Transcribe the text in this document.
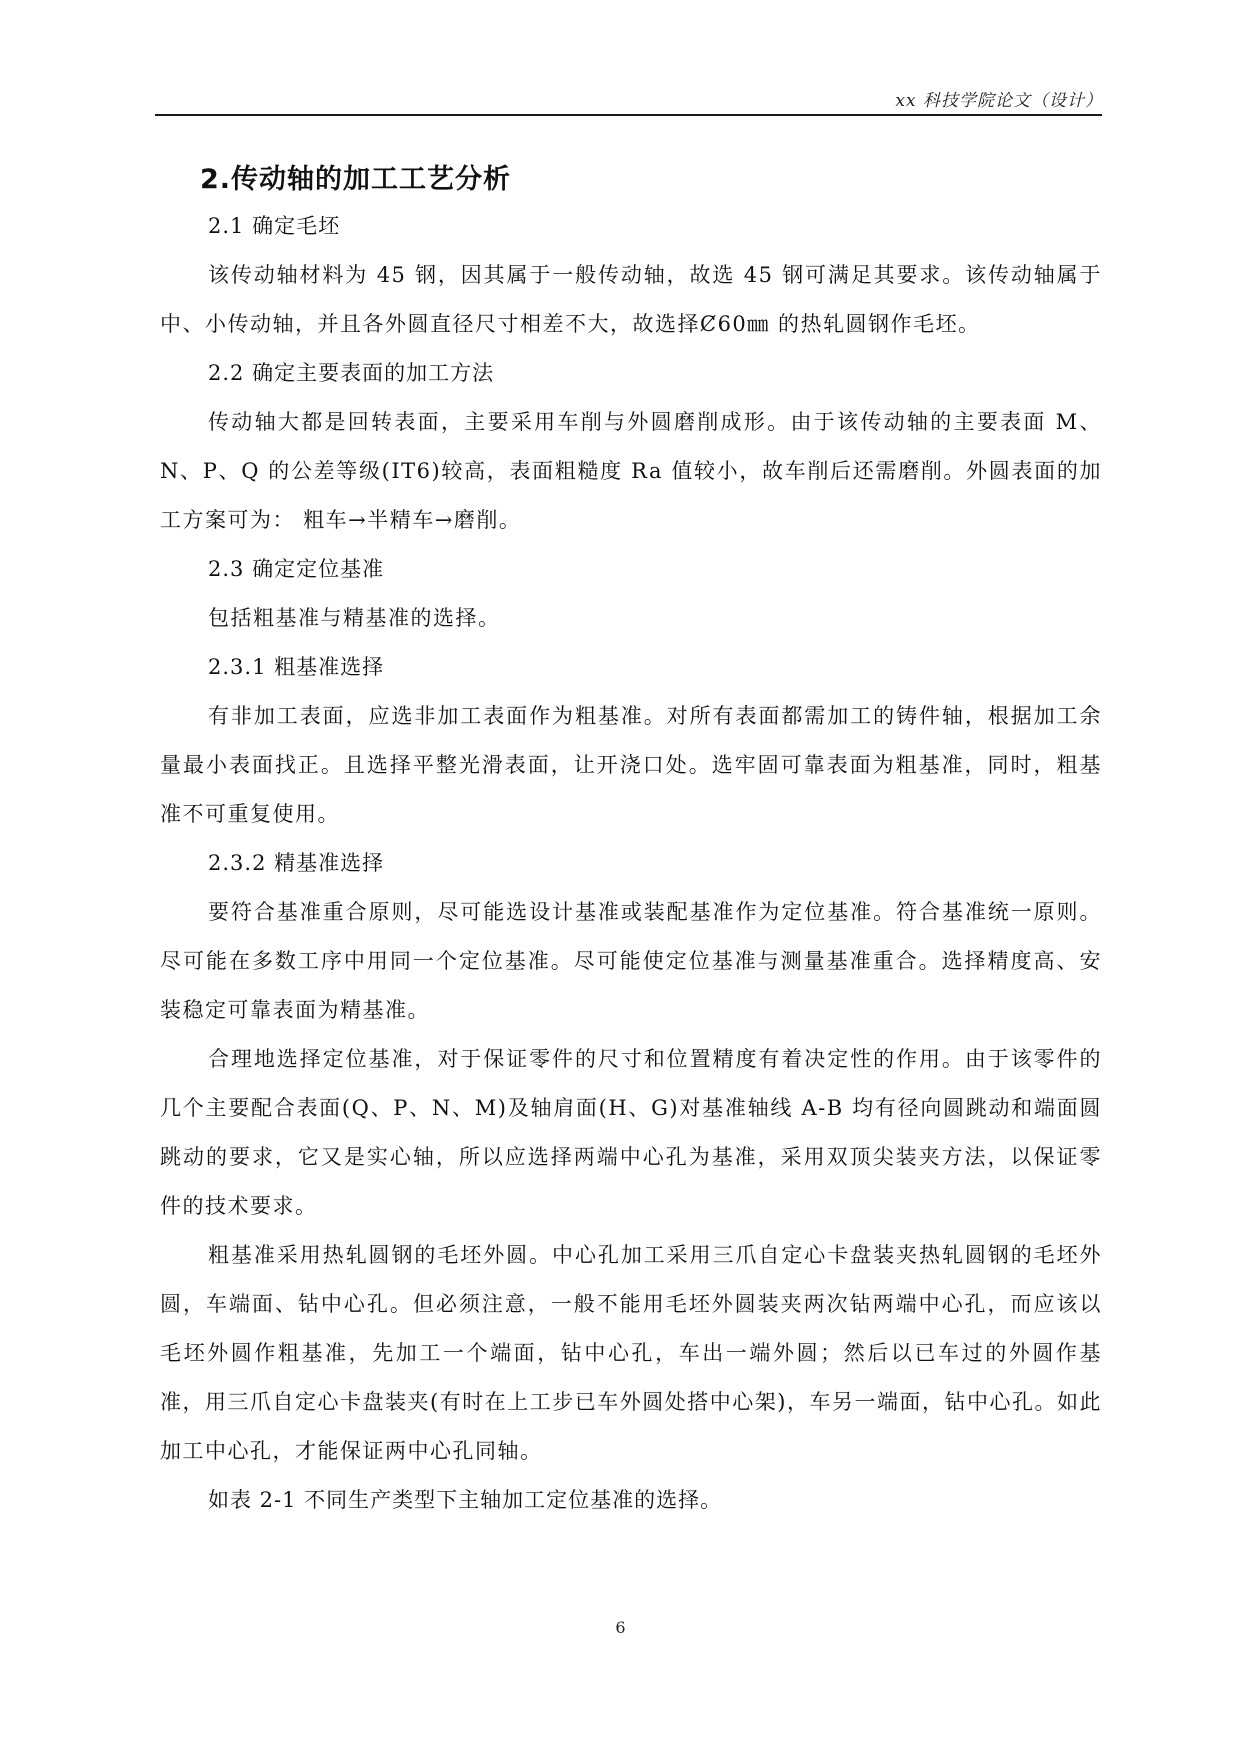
xx 科技学院论文（设计）
2.传动轴的加工工艺分析

2.1 确定毛坯

该传动轴材料为 45 钢，因其属于一般传动轴，故选 45 钢可满足其要求。该传动轴属于中、小传动轴，并且各外圆直径尺寸相差不大，故选择Ȼ60㎜ 的热轧圆钢作毛坯。

2.2 确定主要表面的加工方法

传动轴大都是回转表面，主要采用车削与外圆磨削成形。由于该传动轴的主要表面 M、N、P、Q 的公差等级(IT6)较高，表面粗糙度 Ra 值较小，故车削后还需磨削。外圆表面的加工方案可为： 粗车→半精车→磨削。

2.3 确定定位基准

包括粗基准与精基准的选择。

2.3.1 粗基准选择

有非加工表面，应选非加工表面作为粗基准。对所有表面都需加工的铸件轴，根据加工余量最小表面找正。且选择平整光滑表面，让开浇口处。选牢固可靠表面为粗基准，同时，粗基准不可重复使用。

2.3.2 精基准选择

要符合基准重合原则，尽可能选设计基准或装配基准作为定位基准。符合基准统一原则。尽可能在多数工序中用同一个定位基准。尽可能使定位基准与测量基准重合。选择精度高、安装稳定可靠表面为精基准。

合理地选择定位基准，对于保证零件的尺寸和位置精度有着决定性的作用。由于该零件的几个主要配合表面(Q、P、N、M)及轴肩面(H、G)对基准轴线 A-B 均有径向圆跳动和端面圆跳动的要求，它又是实心轴，所以应选择两端中心孔为基准，采用双顶尖装夹方法，以保证零件的技术要求。

粗基准采用热轧圆钢的毛坯外圆。中心孔加工采用三爪自定心卡盘装夹热轧圆钢的毛坯外圆，车端面、钻中心孔。但必须注意，一般不能用毛坯外圆装夹两次钻两端中心孔，而应该以毛坯外圆作粗基准，先加工一个端面，钻中心孔，车出一端外圆；然后以已车过的外圆作基准，用三爪自定心卡盘装夹(有时在上工步已车外圆处搭中心架)，车另一端面，钻中心孔。如此加工中心孔，才能保证两中心孔同轴。

如表 2-1 不同生产类型下主轴加工定位基准的选择。

6
